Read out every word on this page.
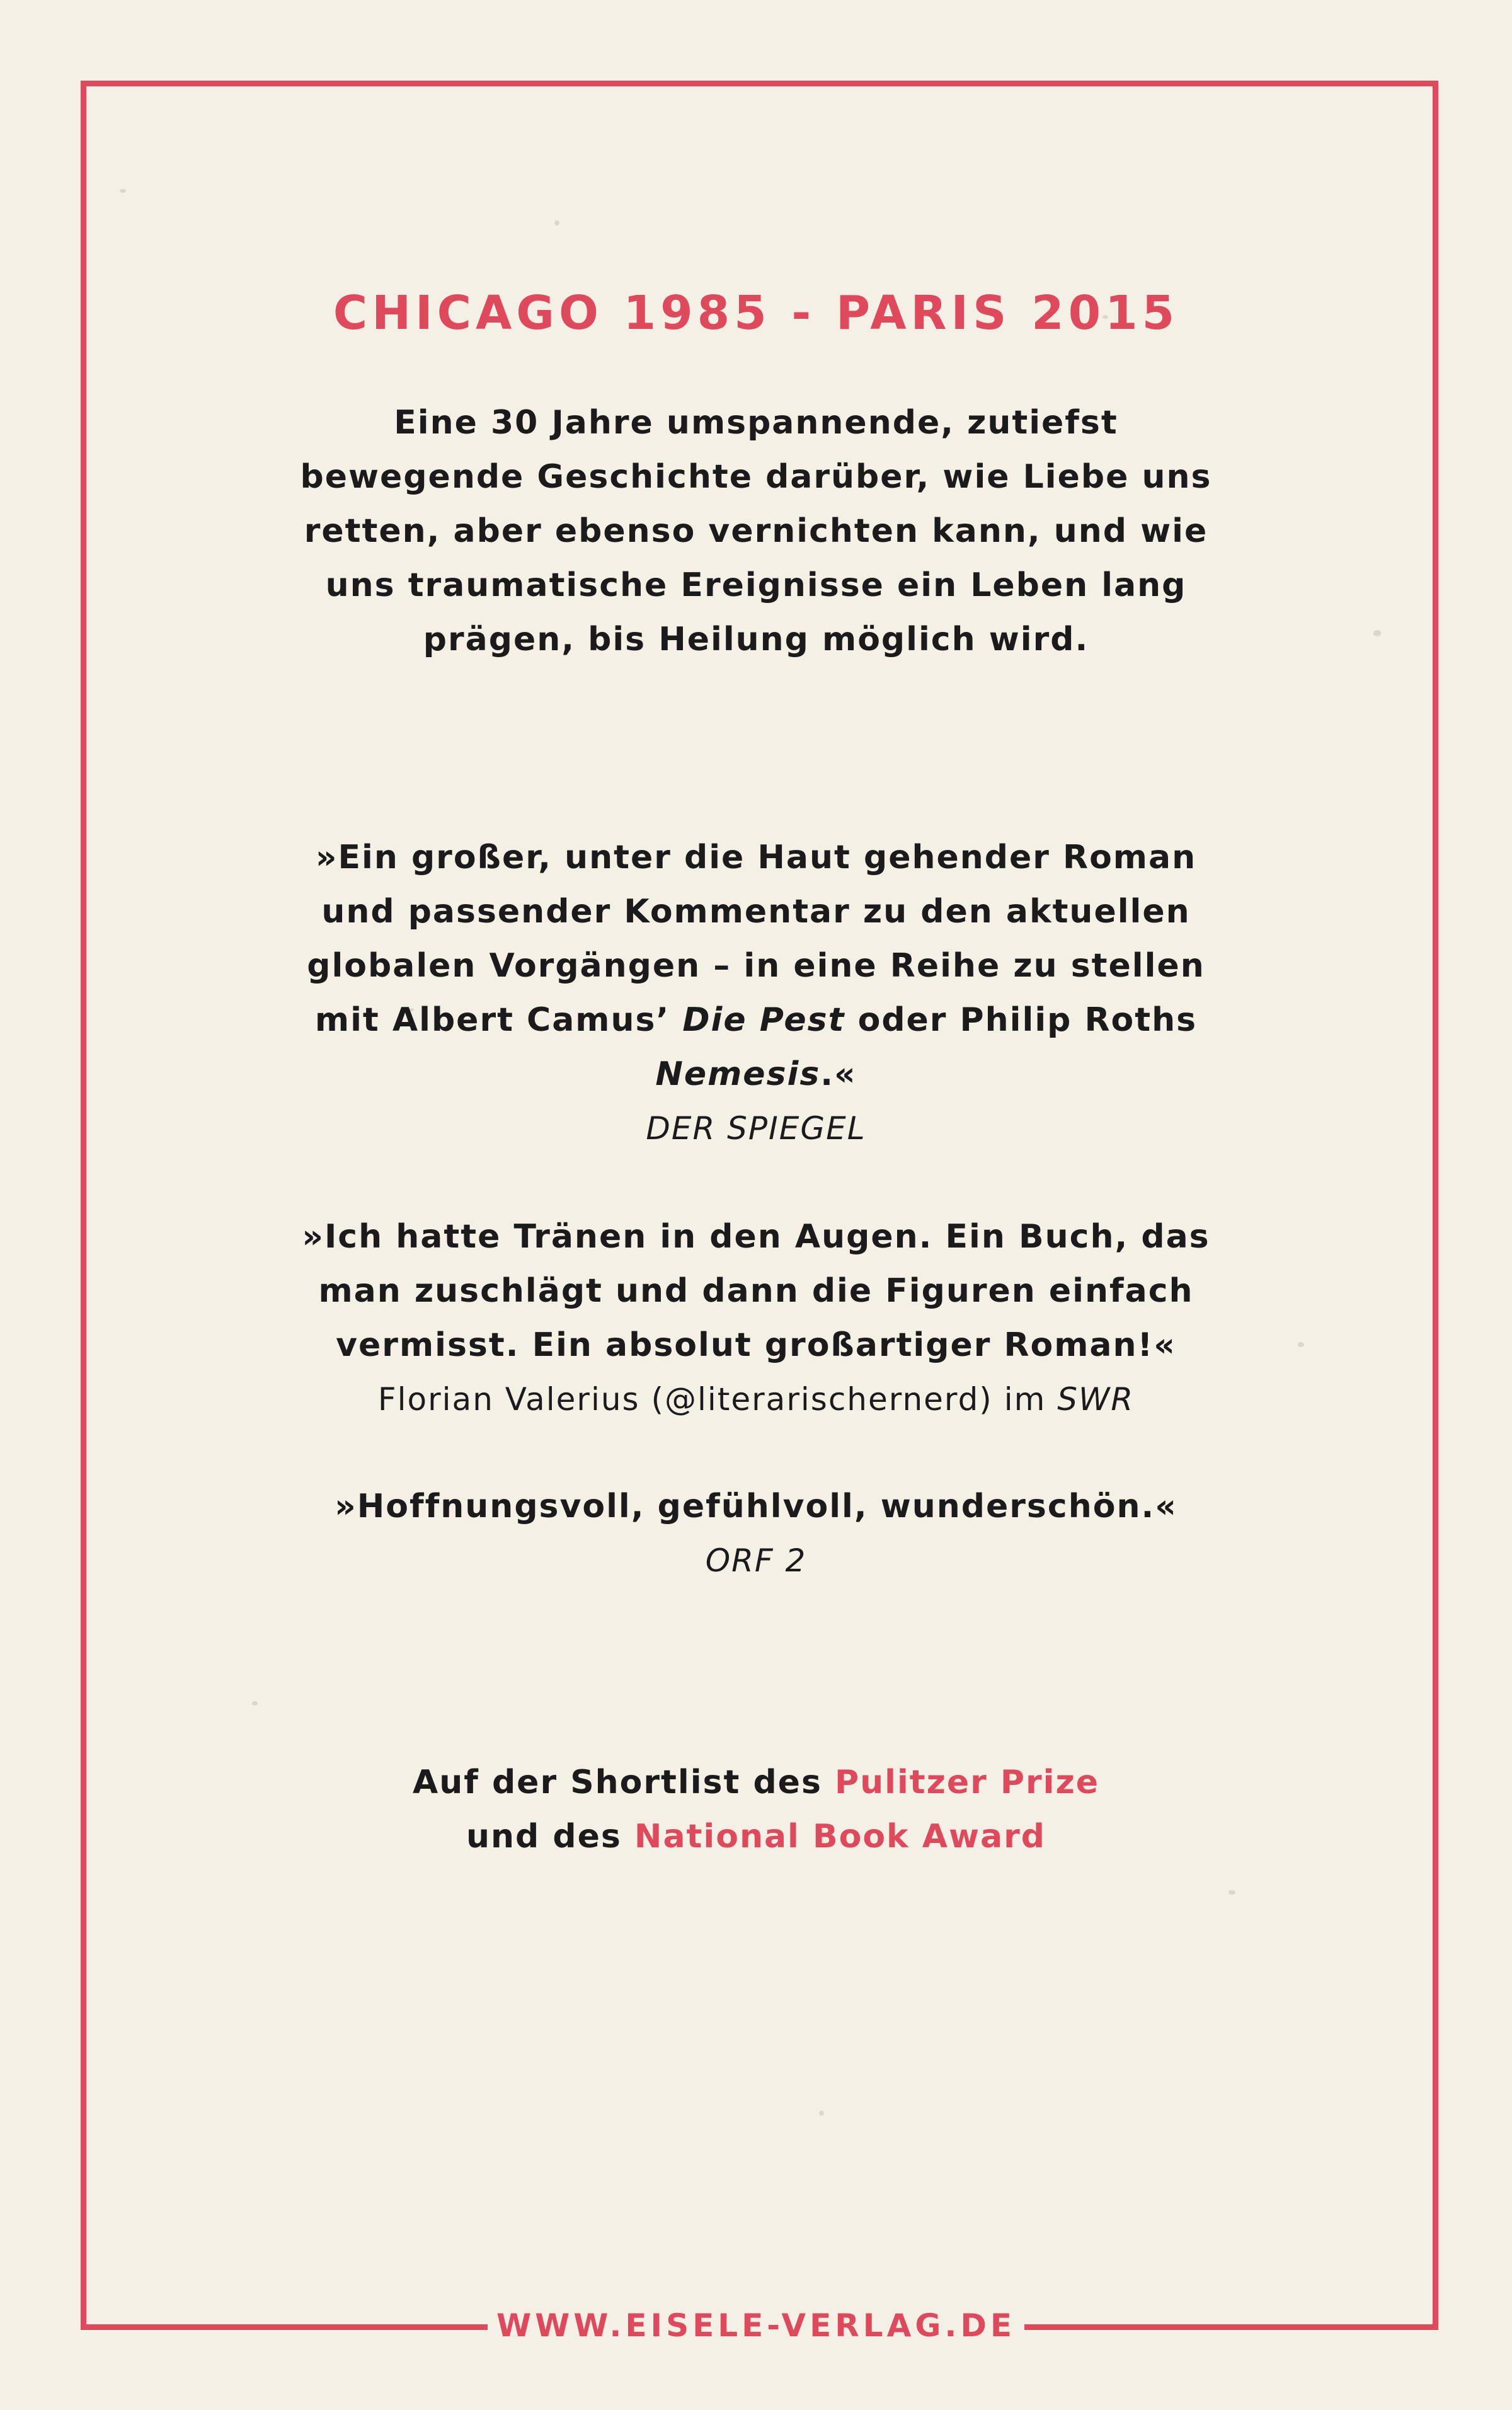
CHICAGO 1985 - PARIS 2015
Eine 30 Jahre umspannende, zutiefst
bewegende Geschichte darüber, wie Liebe uns
retten, aber ebenso vernichten kann, und wie
uns traumatische Ereignisse ein Leben lang
prägen, bis Heilung möglich wird.
»Ein großer, unter die Haut gehender Roman
und passender Kommentar zu den aktuellen
globalen Vorgängen – in eine Reihe zu stellen
mit Albert Camus’ Die Pest oder Philip Roths
Nemesis.«
DER SPIEGEL
»Ich hatte Tränen in den Augen. Ein Buch, das
man zuschlägt und dann die Figuren einfach
vermisst. Ein absolut großartiger Roman!«
Florian Valerius (@literarischernerd) im SWR
»Hoffnungsvoll, gefühlvoll, wunderschön.«
ORF 2
Auf der Shortlist des Pulitzer Prize
und des National Book Award
WWW.EISELE-VERLAG.DE
